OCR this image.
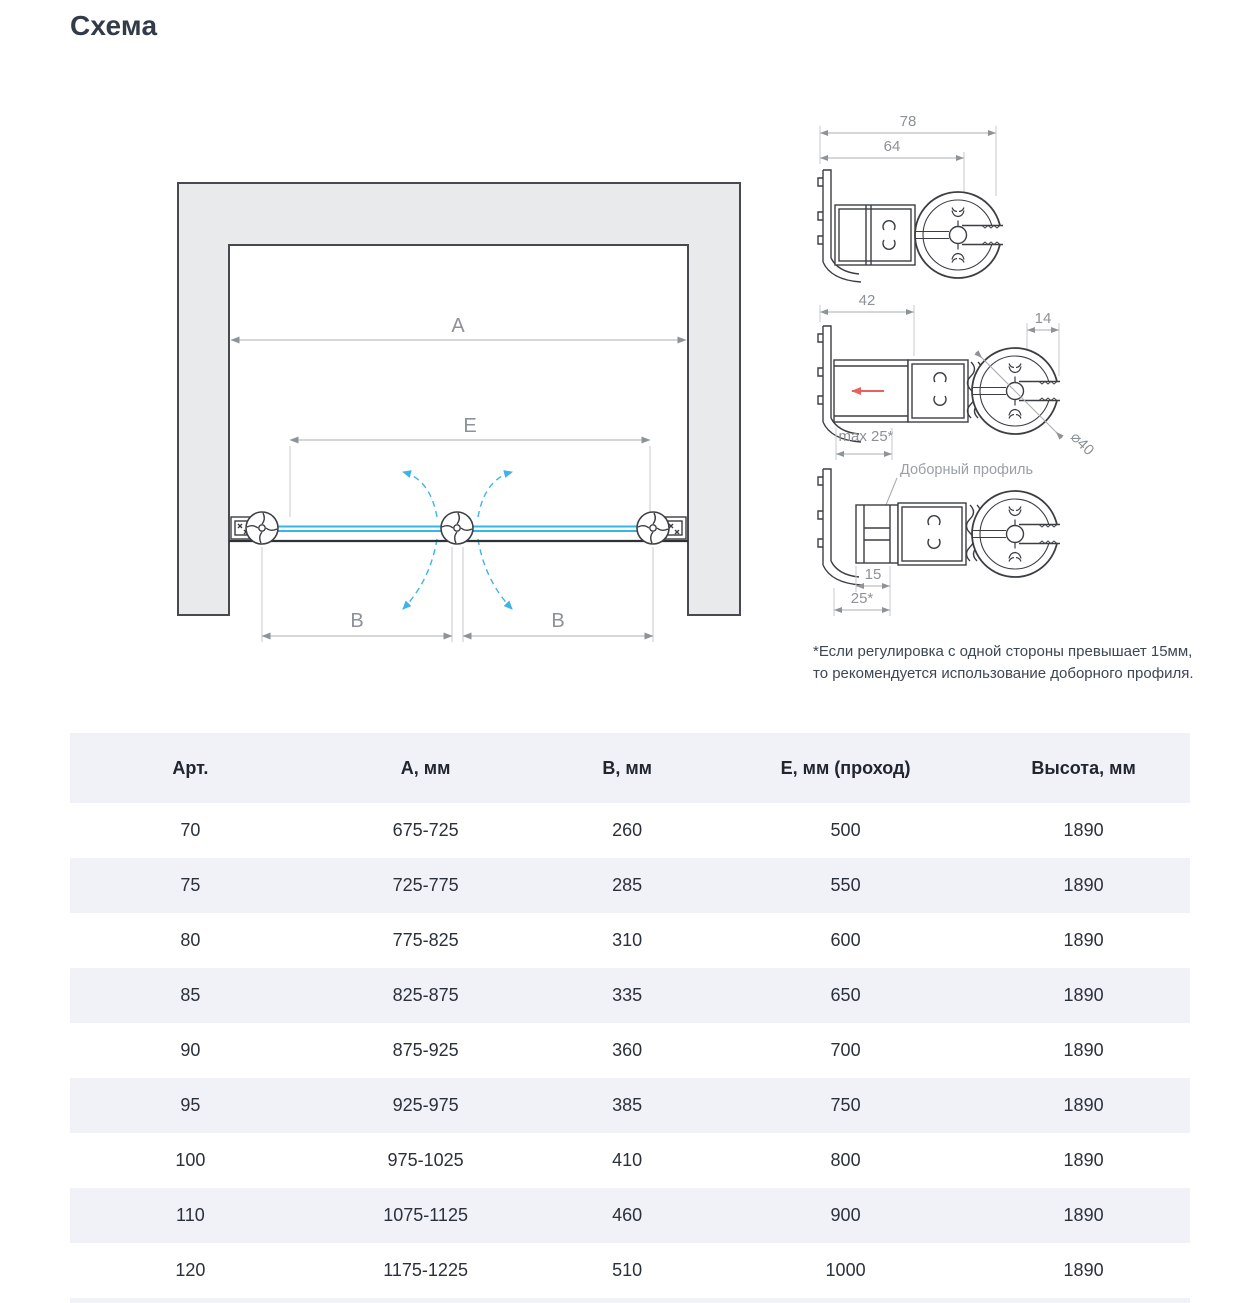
Схема
A
E
B	B
78
64
42
14
⌀40
max 25*
Доборный профиль
15
25*
*Если регулировка с одной стороны превышает 15мм,
то рекомендуется использование доборного профиля.
Арт.	А, мм	В, мм	Е, мм (проход)	Высота, мм
70	675-725	260	500	1890
75	725-775	285	550	1890
80	775-825	310	600	1890
85	825-875	335	650	1890
90	875-925	360	700	1890
95	925-975	385	750	1890
100	975-1025	410	800	1890
110	1075-1125	460	900	1890
120	1175-1225	510	1000	1890
